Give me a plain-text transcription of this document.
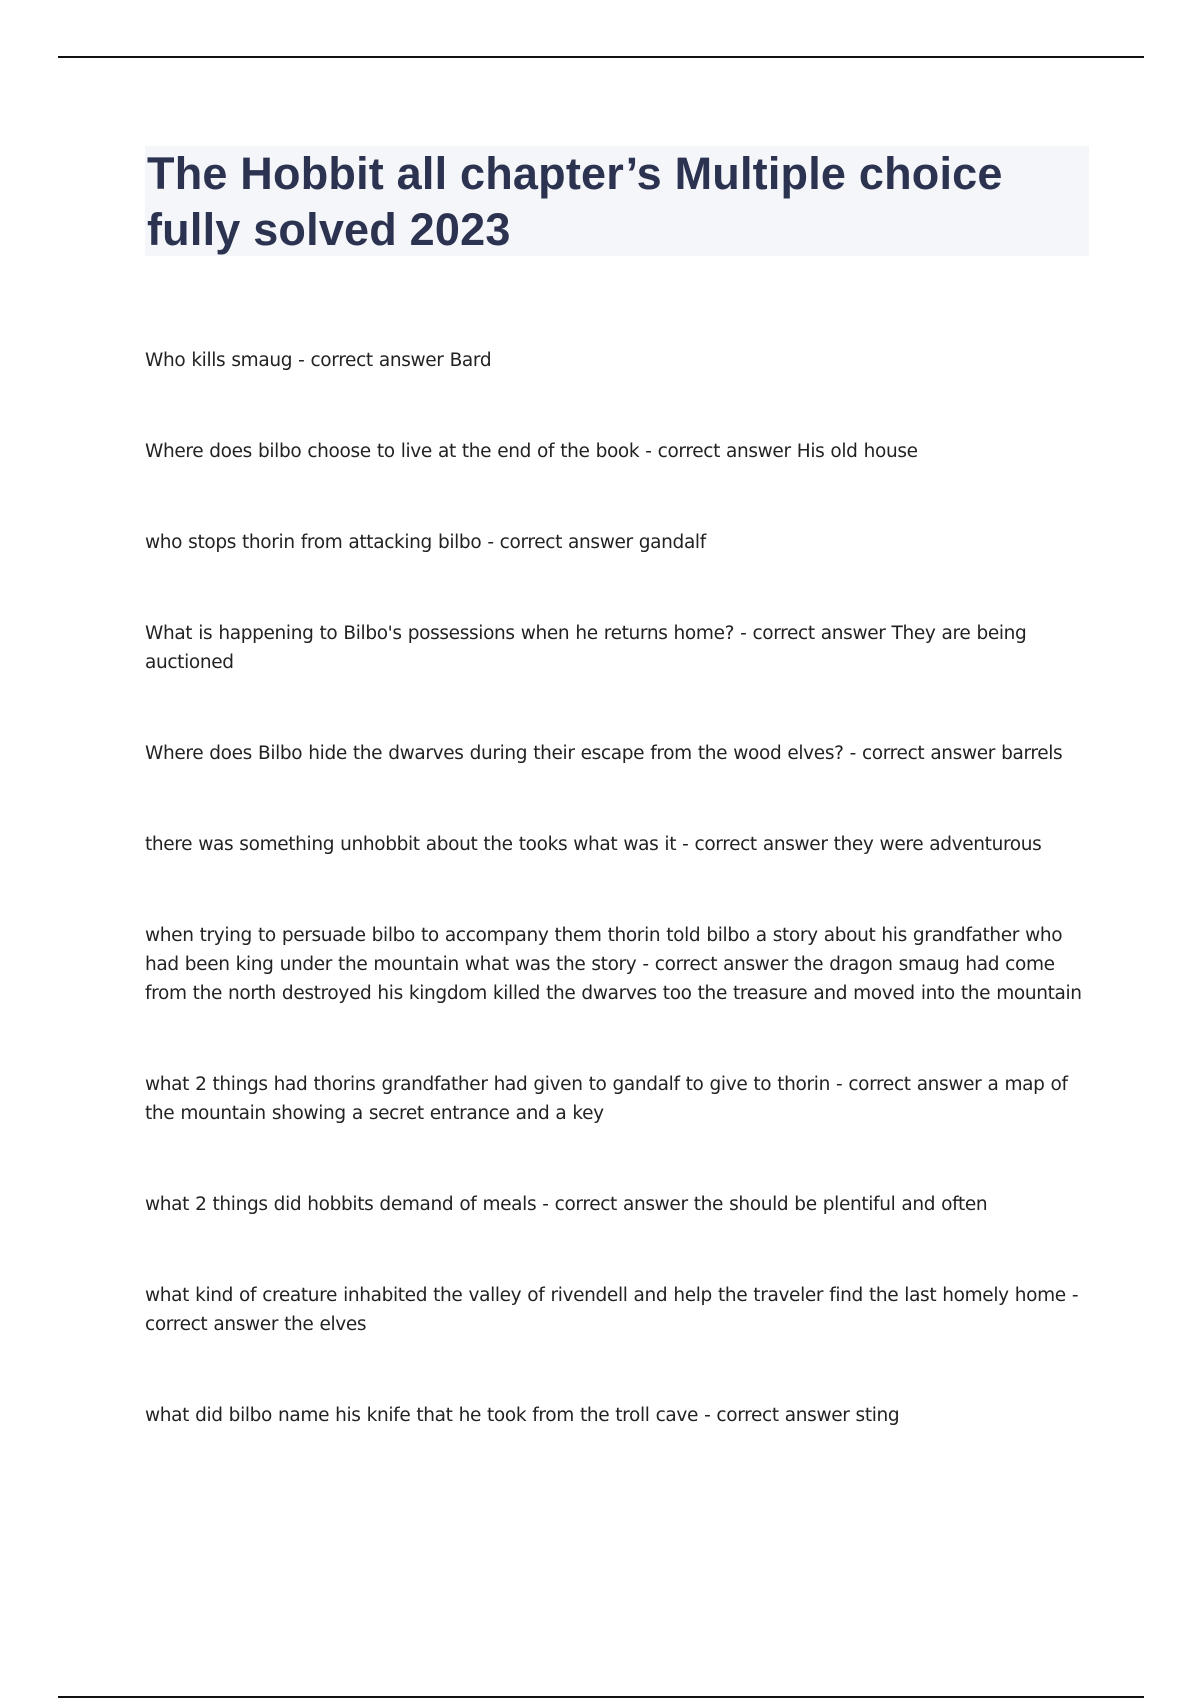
The Hobbit all chapter’s Multiple choice fully solved 2023
Who kills smaug - correct answer Bard
Where does bilbo choose to live at the end of the book - correct answer His old house
who stops thorin from attacking bilbo - correct answer gandalf
What is happening to Bilbo's possessions when he returns home? - correct answer They are being auctioned
Where does Bilbo hide the dwarves during their escape from the wood elves? - correct answer barrels
there was something unhobbit about the tooks what was it - correct answer they were adventurous
when trying to persuade bilbo to accompany them thorin told bilbo a story about his grandfather who had been king under the mountain what was the story - correct answer the dragon smaug had come from the north destroyed his kingdom killed the dwarves too the treasure and moved into the mountain
what 2 things had thorins grandfather had given to gandalf to give to thorin - correct answer a map of the mountain showing a secret entrance and a key
what 2 things did hobbits demand of meals - correct answer the should be plentiful and often
what kind of creature inhabited the valley of rivendell and help the traveler find the last homely home - correct answer the elves
what did bilbo name his knife that he took from the troll cave - correct answer sting
